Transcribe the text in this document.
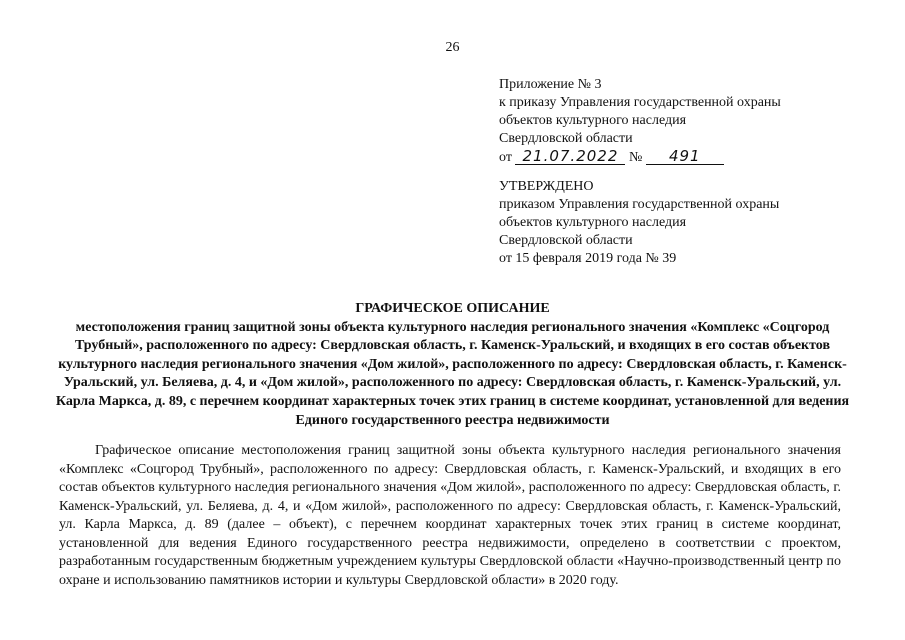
26
Приложение № 3
к приказу Управления государственной охраны
объектов культурного наследия
Свердловской области
от 21.07.2022 № 491
УТВЕРЖДЕНО
приказом Управления государственной охраны
объектов культурного наследия
Свердловской области
от 15 февраля 2019 года № 39
ГРАФИЧЕСКОЕ ОПИСАНИЕ
местоположения границ защитной зоны объекта культурного наследия регионального значения «Комплекс «Соцгород Трубный», расположенного по адресу: Свердловская область, г. Каменск-Уральский, и входящих в его состав объектов культурного наследия регионального значения «Дом жилой», расположенного по адресу: Свердловская область, г. Каменск-Уральский, ул. Беляева, д. 4, и «Дом жилой», расположенного по адресу: Свердловская область, г. Каменск-Уральский, ул. Карла Маркса, д. 89, с перечнем координат характерных точек этих границ в системе координат, установленной для ведения Единого государственного реестра недвижимости
Графическое описание местоположения границ защитной зоны объекта культурного наследия регионального значения «Комплекс «Соцгород Трубный», расположенного по адресу: Свердловская область, г. Каменск-Уральский, и входящих в его состав объектов культурного наследия регионального значения «Дом жилой», расположенного по адресу: Свердловская область, г. Каменск-Уральский, ул. Беляева, д. 4, и «Дом жилой», расположенного по адресу: Свердловская область, г. Каменск-Уральский, ул. Карла Маркса, д. 89 (далее – объект), с перечнем координат характерных точек этих границ в системе координат, установленной для ведения Единого государственного реестра недвижимости, определено в соответствии с проектом, разработанным государственным бюджетным учреждением культуры Свердловской области «Научно-производственный центр по охране и использованию памятников истории и культуры Свердловской области» в 2020 году.
